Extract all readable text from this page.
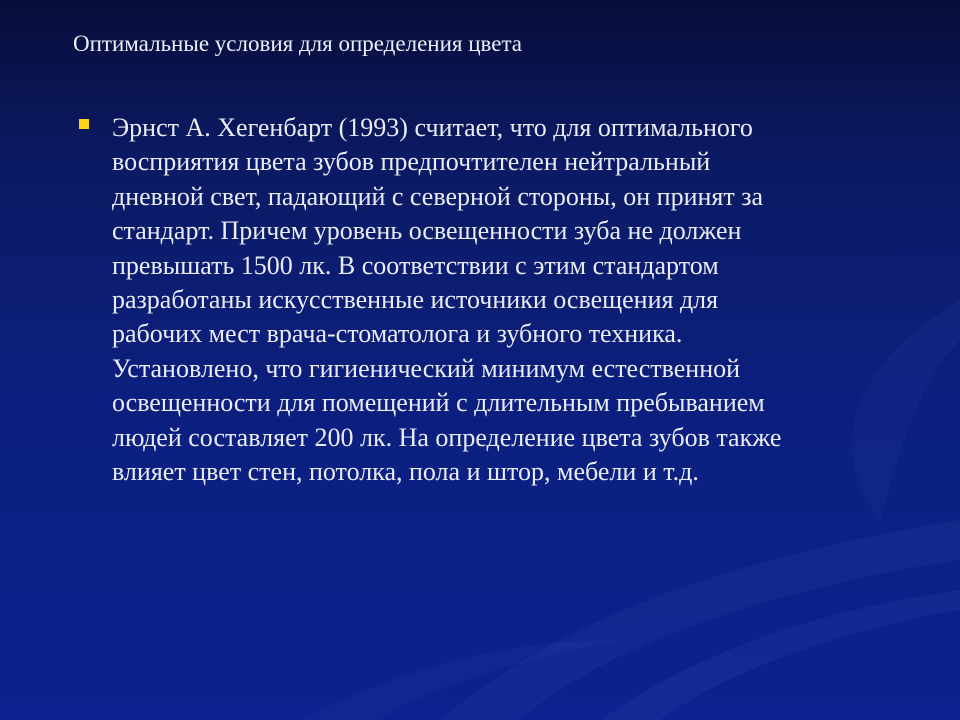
Оптимальные условия для определения цвета

Эрнст А. Хегенбарт (1993) считает, что для оптимального
восприятия цвета зубов предпочтителен нейтральный
дневной свет, падающий с северной стороны, он принят за
стандарт. Причем уровень освещенности зуба не должен
превышать 1500 лк. В соответствии с этим стандартом
разработаны искусственные источники освещения для
рабочих мест врача-стоматолога и зубного техника.
Установлено, что гигиенический минимум естественной
освещенности для помещений с длительным пребыванием
людей составляет 200 лк. На определение цвета зубов также
влияет цвет стен, потолка, пола и штор, мебели и т.д.
